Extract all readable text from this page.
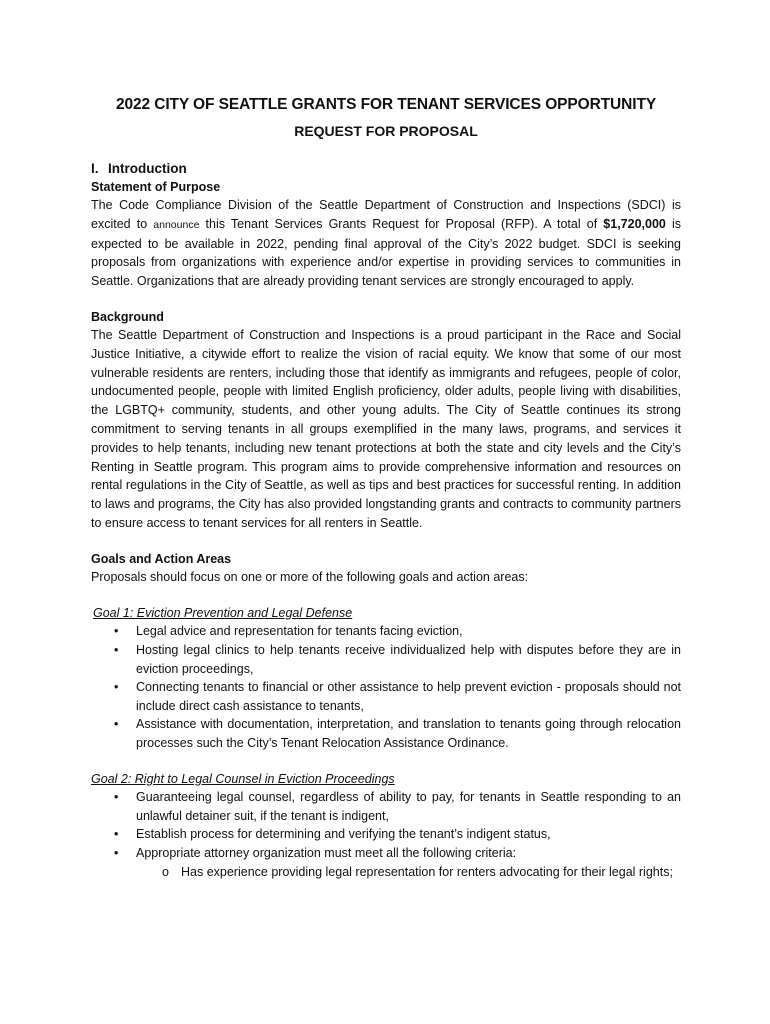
2022 CITY OF SEATTLE GRANTS FOR TENANT SERVICES OPPORTUNITY
REQUEST FOR PROPOSAL
I. Introduction
Statement of Purpose

The Code Compliance Division of the Seattle Department of Construction and Inspections (SDCI) is excited to announce this Tenant Services Grants Request for Proposal (RFP). A total of $1,720,000 is expected to be available in 2022, pending final approval of the City’s 2022 budget. SDCI is seeking proposals from organizations with experience and/or expertise in providing services to communities in Seattle. Organizations that are already providing tenant services are strongly encouraged to apply.

Background

The Seattle Department of Construction and Inspections is a proud participant in the Race and Social Justice Initiative, a citywide effort to realize the vision of racial equity. We know that some of our most vulnerable residents are renters, including those that identify as immigrants and refugees, people of color, undocumented people, people with limited English proficiency, older adults, people living with disabilities, the LGBTQ+ community, students, and other young adults. The City of Seattle continues its strong commitment to serving tenants in all groups exemplified in the many laws, programs, and services it provides to help tenants, including new tenant protections at both the state and city levels and the City’s Renting in Seattle program. This program aims to provide comprehensive information and resources on rental regulations in the City of Seattle, as well as tips and best practices for successful renting. In addition to laws and programs, the City has also provided longstanding grants and contracts to community partners to ensure access to tenant services for all renters in Seattle.

Goals and Action Areas

Proposals should focus on one or more of the following goals and action areas:

Goal 1: Eviction Prevention and Legal Defense

• Legal advice and representation for tenants facing eviction,
• Hosting legal clinics to help tenants receive individualized help with disputes before they are in eviction proceedings,
• Connecting tenants to financial or other assistance to help prevent eviction - proposals should not include direct cash assistance to tenants,
• Assistance with documentation, interpretation, and translation to tenants going through relocation processes such the City’s Tenant Relocation Assistance Ordinance.

Goal 2: Right to Legal Counsel in Eviction Proceedings

• Guaranteeing legal counsel, regardless of ability to pay, for tenants in Seattle responding to an unlawful detainer suit, if the tenant is indigent,
• Establish process for determining and verifying the tenant’s indigent status,
• Appropriate attorney organization must meet all the following criteria:
o Has experience providing legal representation for renters advocating for their legal rights;
